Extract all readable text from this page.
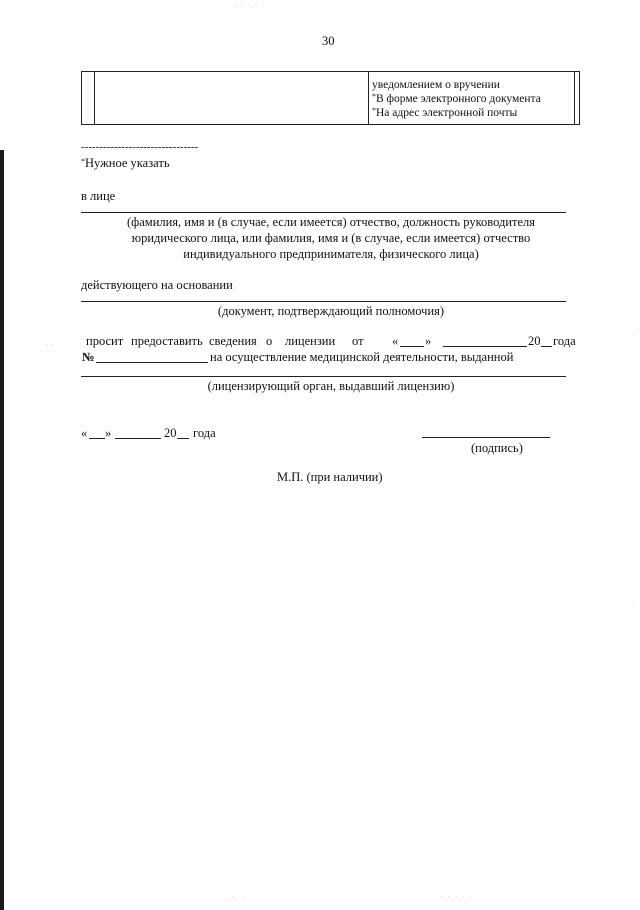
30
уведомлением о вручении
*В форме электронного документа
*На адрес электронной почты
--------------------------------
*Нужное указать
в лице
(фамилия, имя и (в случае, если имеется) отчество, должность руководителя
юридического лица, или фамилия, имя и (в случае, если имеется) отчество
индивидуального предпринимателя, физического лица)
действующего на основании
(документ, подтверждающий полномочия)
просит предоставить сведения о лицензии от « »	20 года
№	на осуществление медицинской деятельности, выданной
(лицензирующий орган, выдавший лицензию)
« »	20 года
(подпись)
М.П. (при наличии)
· · ·.·
.·. ·	·.·.·.· ·
·
·
··
